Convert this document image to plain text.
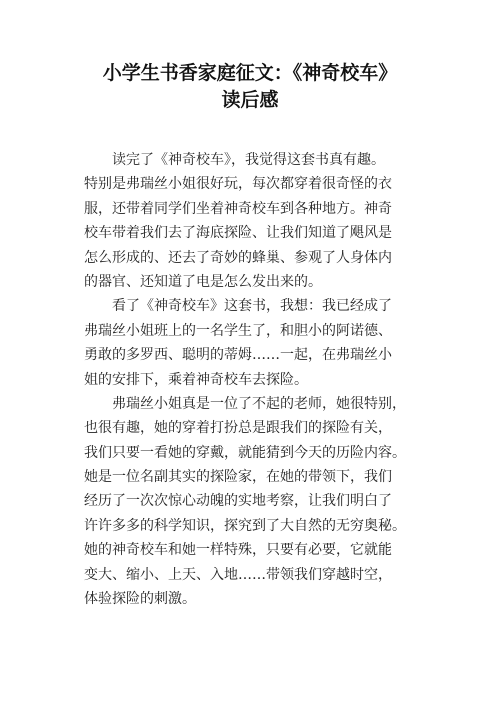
小学生书香家庭征文：《神奇校车》
读后感
读完了《神奇校车》，我觉得这套书真有趣。
特别是弗瑞丝小姐很好玩，每次都穿着很奇怪的衣
服，还带着同学们坐着神奇校车到各种地方。神奇
校车带着我们去了海底探险、让我们知道了飓风是
怎么形成的、还去了奇妙的蜂巢、参观了人身体内
的器官、还知道了电是怎么发出来的。
看了《神奇校车》这套书，我想：我已经成了
弗瑞丝小姐班上的一名学生了，和胆小的阿诺德、
勇敢的多罗西、聪明的蒂姆……一起，在弗瑞丝小
姐的安排下，乘着神奇校车去探险。
弗瑞丝小姐真是一位了不起的老师，她很特别，
也很有趣，她的穿着打扮总是跟我们的探险有关，
我们只要一看她的穿戴，就能猜到今天的历险内容。
她是一位名副其实的探险家，在她的带领下，我们
经历了一次次惊心动魄的实地考察，让我们明白了
许许多多的科学知识，探究到了大自然的无穷奥秘。
她的神奇校车和她一样特殊，只要有必要，它就能
变大、缩小、上天、入地……带领我们穿越时空，
体验探险的刺激。
